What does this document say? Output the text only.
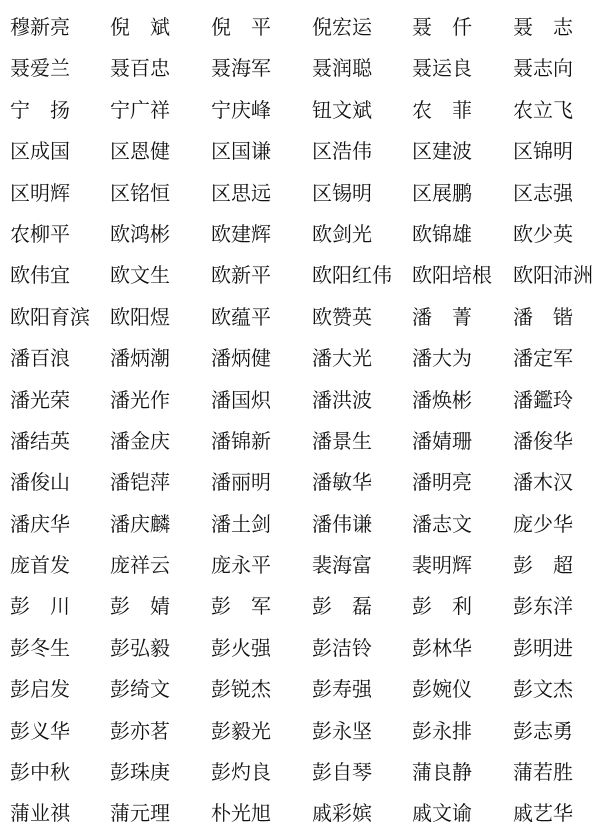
穆新亮	倪　斌	倪　平	倪宏运	聂　仟	聂　志
聂爱兰	聂百忠	聂海军	聂润聪	聂运良	聂志向
宁　扬	宁广祥	宁庆峰	钮文斌	农　菲	农立飞
区成国	区恩健	区国谦	区浩伟	区建波	区锦明
区明辉	区铭恒	区思远	区锡明	区展鹏	区志强
农柳平	欧鸿彬	欧建辉	欧剑光	欧锦雄	欧少英
欧伟宜	欧文生	欧新平	欧阳红伟	欧阳培根	欧阳沛洲
欧阳育滨	欧阳煜	欧蕴平	欧赞英	潘　菁	潘　锴
潘百浪	潘炳潮	潘炳健	潘大光	潘大为	潘定军
潘光荣	潘光作	潘国炽	潘洪波	潘焕彬	潘鑑玲
潘结英	潘金庆	潘锦新	潘景生	潘婧珊	潘俊华
潘俊山	潘铠萍	潘丽明	潘敏华	潘明亮	潘木汉
潘庆华	潘庆麟	潘土剑	潘伟谦	潘志文	庞少华
庞首发	庞祥云	庞永平	裴海富	裴明辉	彭　超
彭　川	彭　婧	彭　军	彭　磊	彭　利	彭东洋
彭冬生	彭弘毅	彭火强	彭洁铃	彭林华	彭明进
彭启发	彭绮文	彭锐杰	彭寿强	彭婉仪	彭文杰
彭义华	彭亦茗	彭毅光	彭永坚	彭永排	彭志勇
彭中秋	彭珠庚	彭灼良	彭自琴	蒲良静	蒲若胜
蒲业祺	蒲元理	朴光旭	戚彩嫔	戚文谕	戚艺华
